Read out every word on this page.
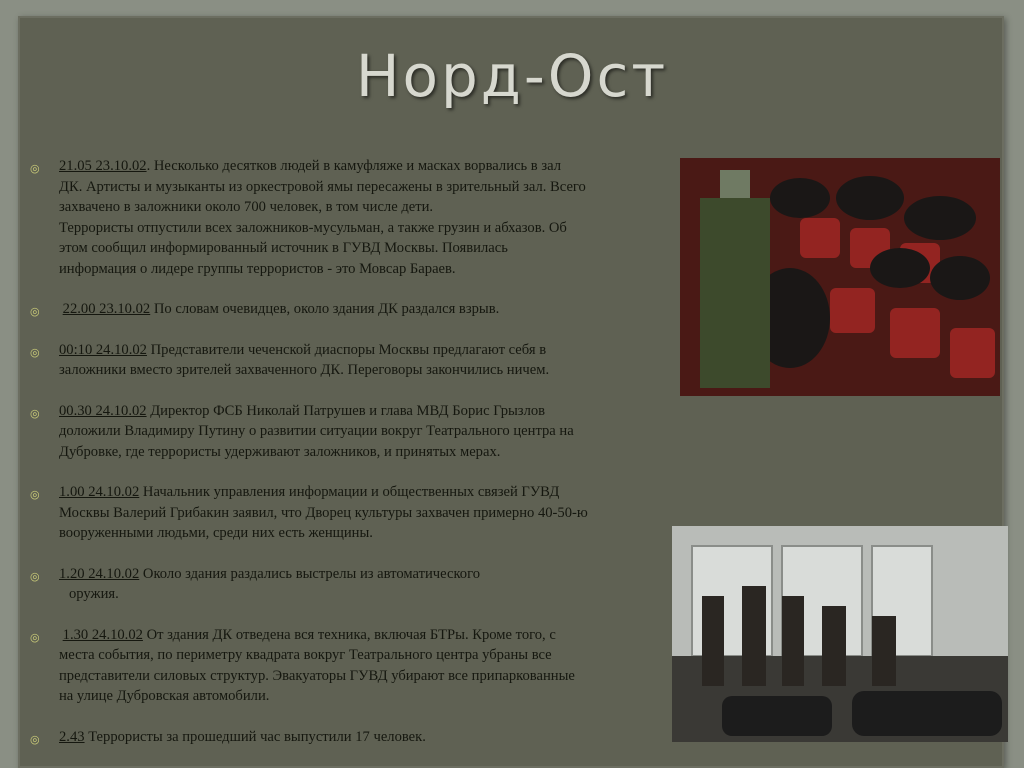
Норд-Ост
◎ 21.05 23.10.02. Несколько десятков людей в камуфляже и масках ворвались в зал
ДК. Артисты и музыканты из оркестровой ямы пересажены в зрительный зал. Всего
захвачено в заложники около 700 человек, в том числе дети.
Террористы отпустили всех заложников-мусульман, а также грузин и абхазов. Об
этом сообщил информированный источник в ГУВД Москвы. Появилась
информация о лидере группы террористов - это Мовсар Бараев.
◎ 22.00 23.10.02 По словам очевидцев, около здания ДК раздался взрыв.
◎ 00:10 24.10.02 Представители чеченской диаспоры Москвы предлагают себя в
заложники вместо зрителей захваченного ДК. Переговоры закончились ничем.
◎ 00.30 24.10.02 Директор ФСБ Николай Патрушев и глава МВД Борис Грызлов
доложили Владимиру Путину о развитии ситуации вокруг Театрального центра на
Дубровке, где террористы удерживают заложников, и принятых мерах.
◎ 1.00 24.10.02 Начальник управления информации и общественных связей ГУВД
Москвы Валерий Грибакин заявил, что Дворец культуры захвачен примерно 40-50-ю
вооруженными людьми, среди них есть женщины.
◎ 1.20 24.10.02 Около здания раздались выстрелы из автоматического
оружия.
◎ 1.30 24.10.02 От здания ДК отведена вся техника, включая БТРы. Кроме того, с
места события, по периметру квадрата вокруг Театрального центра убраны все
представители силовых структур. Эвакуаторы ГУВД убирают все припаркованные
на улице Дубровская автомобили.
◎ 2.43 Террористы за прошедший час выпустили 17 человек.
